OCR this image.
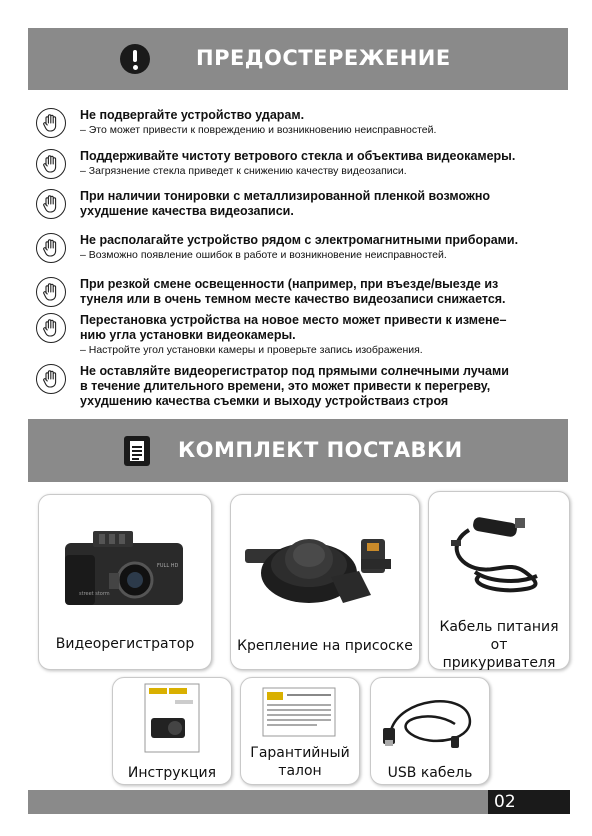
ПРЕДОСТЕРЕЖЕНИЕ
Не подвергайте устройство ударам.
– Это может привести к повреждению и возникновению неисправностей.
Поддерживайте чистоту ветрового стекла и объектива видеокамеры.
– Загрязнение стекла приведет к снижению качеству видеозаписи.
При наличии тонировки с металлизированной пленкой возможно
ухудшение качества видеозаписи.
Не располагайте устройство рядом с электромагнитными приборами.
– Возможно появление ошибок в работе и возникновение неисправностей.
При резкой смене освещенности (например, при въезде/выезде из
тунеля или в очень темном месте качество видеозаписи снижается.
Перестановка устройства на новое место может привести к измене–
нию угла установки видеокамеры.
– Настройте угол установки камеры и проверьте запись изображения.
Не оставляйте видеорегистратор под прямыми солнечными лучами
в течение длительного времени, это может привести к перегреву,
ухудшению качества съемки и выходу устройствaиз строя
КОМПЛЕКТ ПОСТАВКИ
FULL HD
street storm
Видеорегистратор	Крепление на присоске
Кабель питания от
прикуривателя
Инструкция
Гарантийный
талон	USB кабель
02
